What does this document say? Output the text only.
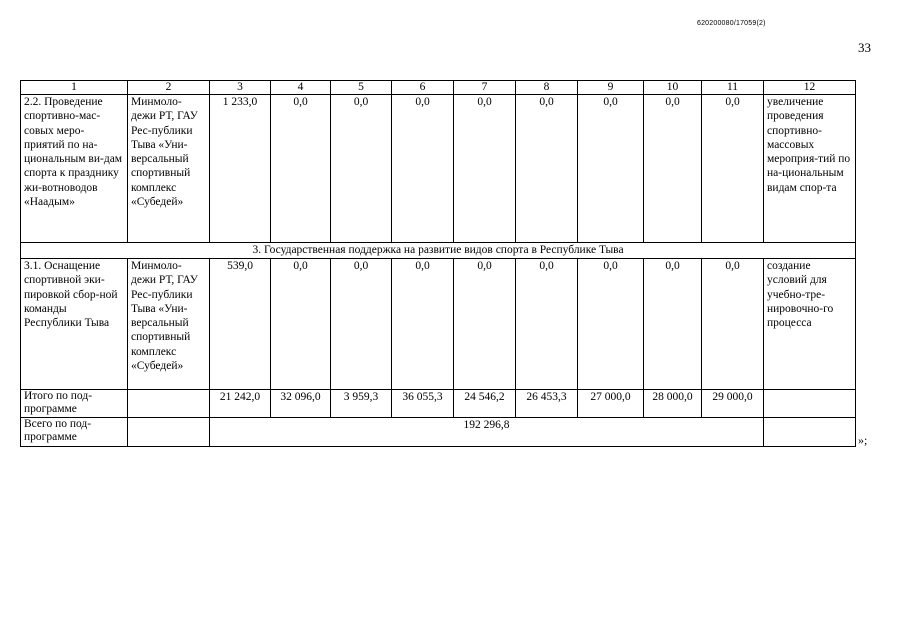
620200080/17059(2)
33
1	2	3	4	5	6	7	8	9	10	11	12
2.2. Проведение спортивно-мас-совых меро-приятий по на-циональным ви-дам спорта к празднику жи-вотноводов «Наадым»	Минмоло-дежи РТ, ГАУ Рес-публики Тыва «Уни-версальный спортивный комплекс «Субедей»	1 233,0	0,0	0,0	0,0	0,0	0,0	0,0	0,0	0,0	увеличение проведения спортивно-массовых мероприя-тий по на-циональным видам спор-та
3. Государственная поддержка на развитие видов спорта в Республике Тыва											
3.1. Оснащение спортивной эки-пировкой сбор-ной команды Республики Тыва	Минмоло-дежи РТ, ГАУ Рес-публики Тыва «Уни-версальный спортивный комплекс «Субедей»	539,0	0,0	0,0	0,0	0,0	0,0	0,0	0,0	0,0	создание условий для учебно-тре-нировочно-го процесса
Итого по под-программе		21 242,0	32 096,0	3 959,3	36 055,3	24 546,2	26 453,3	27 000,0	28 000,0	29 000,0	
Всего по под-программе		192 296,8									
»;
